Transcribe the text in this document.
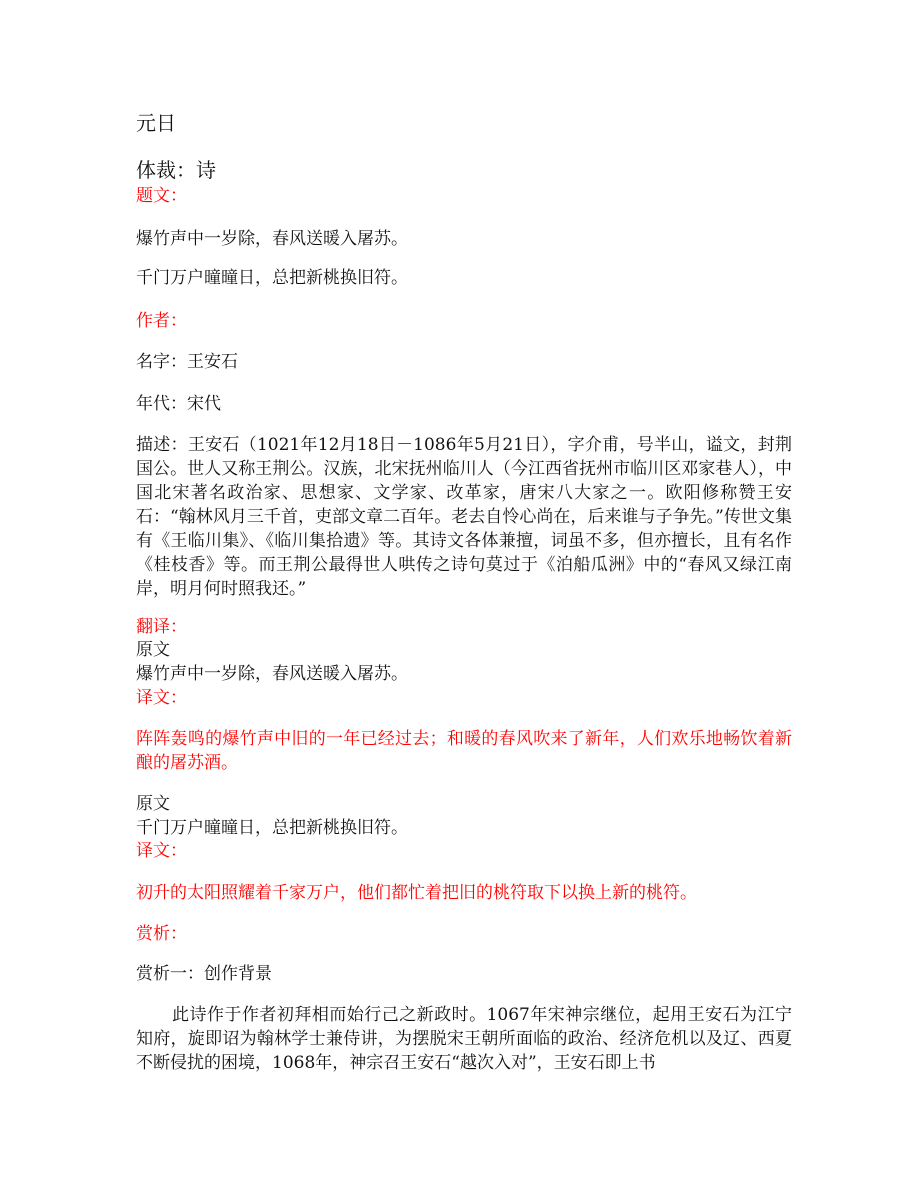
元日
体裁：诗
题文：
爆竹声中一岁除，春风送暖入屠苏。
千门万户曈曈日，总把新桃换旧符。
作者：
名字：王安石
年代：宋代
描述：王安石（1021年12月18日－1086年5月21日），字介甫，号半山，谥文，封荆国公。世人又称王荆公。汉族，北宋抚州临川人（今江西省抚州市临川区邓家巷人），中国北宋著名政治家、思想家、文学家、改革家，唐宋八大家之一。欧阳修称赞王安石：“翰林风月三千首，吏部文章二百年。老去自怜心尚在，后来谁与子争先。”传世文集有《王临川集》、《临川集拾遗》等。其诗文各体兼擅，词虽不多，但亦擅长，且有名作《桂枝香》等。而王荆公最得世人哄传之诗句莫过于《泊船瓜洲》中的“春风又绿江南岸，明月何时照我还。”
翻译：
原文
爆竹声中一岁除，春风送暖入屠苏。
译文：
阵阵轰鸣的爆竹声中旧的一年已经过去；和暖的春风吹来了新年，人们欢乐地畅饮着新酿的屠苏酒。
原文
千门万户曈曈日，总把新桃换旧符。
译文：
初升的太阳照耀着千家万户，他们都忙着把旧的桃符取下以换上新的桃符。
赏析：
赏析一：创作背景
此诗作于作者初拜相而始行己之新政时。1067年宋神宗继位，起用王安石为江宁知府，旋即诏为翰林学士兼侍讲，为摆脱宋王朝所面临的政治、经济危机以及辽、西夏不断侵扰的困境，1068年，神宗召王安石“越次入对”，王安石即上书
